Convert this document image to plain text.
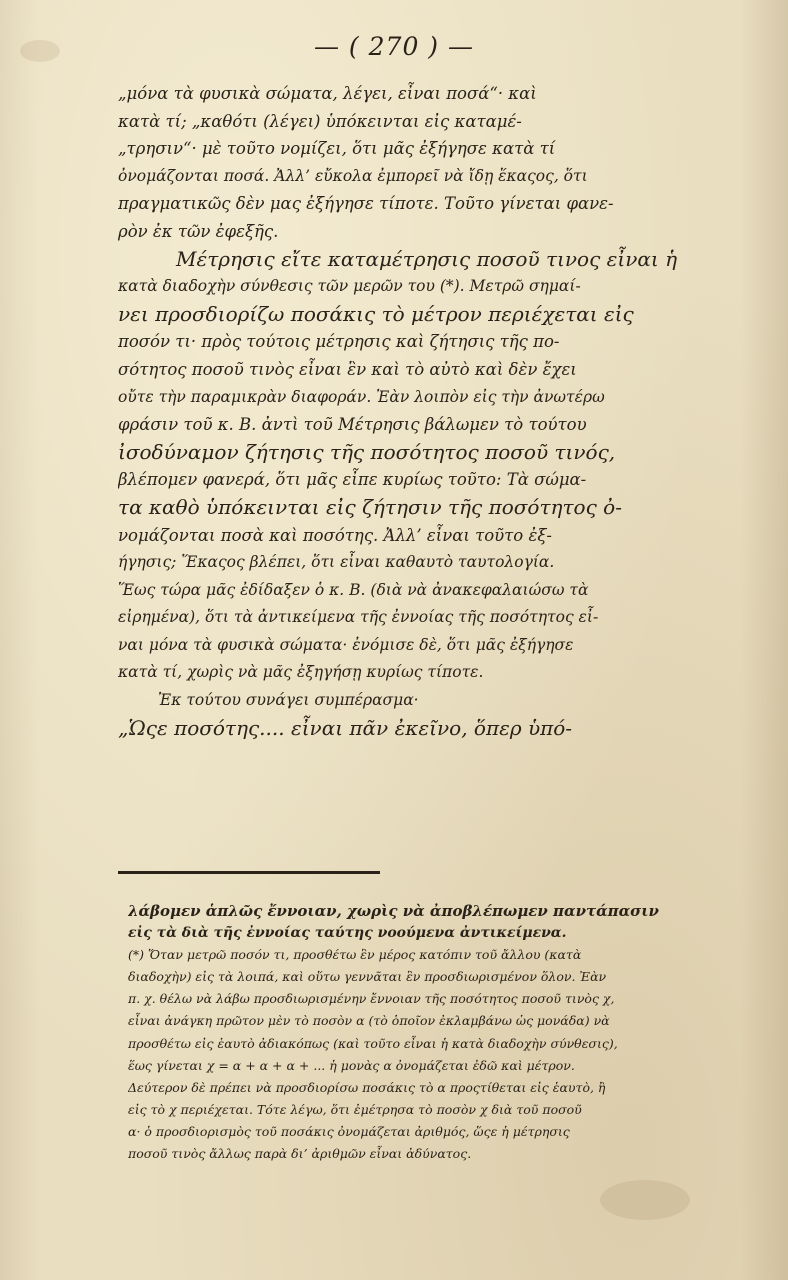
— ( 270 ) —
„μόνα τὰ φυσικὰ σώματα, λέγει, εἶναι ποσά“· καὶ
κατὰ τί; „καθότι (λέγει) ὑπόκεινται εἰς καταμέ-
„τρησιν“· μὲ τοῦτο νομίζει, ὅτι μᾶς ἐξήγησε κατὰ τί
ὀνομάζονται ποσά. Ἀλλ’ εὔκολα ἐμπορεῖ νὰ ἴδῃ ἕκαςος, ὅτι
πραγματικῶς δὲν μας ἐξήγησε τίποτε. Τοῦτο γίνεται φανε-
ρὸν ἐκ τῶν ἐφεξῆς.
Μέτρησις εἴτε καταμέτρησις ποσοῦ τινος εἶναι ἡ
κατὰ διαδοχὴν σύνθεσις τῶν μερῶν του (*). Μετρῶ σημαί-
νει προσδιορίζω ποσάκις τὸ μέτρον περιέχεται εἰς
ποσόν τι· πρὸς τούτοις μέτρησις καὶ ζήτησις τῆς πο-
σότητος ποσοῦ τινὸς εἶναι ἓν καὶ τὸ αὐτὸ καὶ δὲν ἔχει
οὔτε τὴν παραμικρὰν διαφοράν. Ἐὰν λοιπὸν εἰς τὴν ἀνωτέρω
φράσιν τοῦ κ. Β. ἀντὶ τοῦ Μέτρησις βάλωμεν τὸ τούτου
ἰσοδύναμον ζήτησις τῆς ποσότητος ποσοῦ τινός,
βλέπομεν φανερά, ὅτι μᾶς εἶπε κυρίως τοῦτο: Τὰ σώμα-
τα καθὸ ὑπόκεινται εἰς ζήτησιν τῆς ποσότητος ὀ-
νομάζονται ποσὰ καὶ ποσότης. Ἀλλ’ εἶναι τοῦτο ἐξ-
ήγησις; Ἕκαςος βλέπει, ὅτι εἶναι καθαυτὸ ταυτολογία.
Ἕως τώρα μᾶς ἐδίδαξεν ὁ κ. Β. (διὰ νὰ ἀνακεφαλαιώσω τὰ
εἰρημένα), ὅτι τὰ ἀντικείμενα τῆς ἐννοίας τῆς ποσότητος εἶ-
ναι μόνα τὰ φυσικὰ σώματα· ἐνόμισε δὲ, ὅτι μᾶς ἐξήγησε
κατὰ τί, χωρὶς νὰ μᾶς ἐξηγήσῃ κυρίως τίποτε.
Ἐκ τούτου συνάγει συμπέρασμα·
„Ὡςε ποσότης.... εἶναι πᾶν ἐκεῖνο, ὅπερ ὑπό-
λάβομεν ἁπλῶς ἔννοιαν, χωρὶς νὰ ἀποβλέπωμεν παντάπασιν
εἰς τὰ διὰ τῆς ἐννοίας ταύτης νοούμενα ἀντικείμενα.
(*) Ὅταν μετρῶ ποσόν τι, προσθέτω ἓν μέρος κατόπιν τοῦ ἄλλου (κατὰ
διαδοχὴν) εἰς τὰ λοιπά, καὶ οὕτω γεννᾶται ἓν προσδιωρισμένον ὅλον. Ἐὰν
π. χ. θέλω νὰ λάβω προσδιωρισμένην ἔννοιαν τῆς ποσότητος ποσοῦ τινὸς χ,
εἶναι ἀνάγκη πρῶτον μὲν τὸ ποσὸν α (τὸ ὁποῖον ἐκλαμβάνω ὡς μονάδα) νὰ
προσθέτω εἰς ἑαυτὸ ἀδιακόπως (καὶ τοῦτο εἶναι ἡ κατὰ διαδοχὴν σύνθεσις),
ἕως γίνεται χ = α + α + α + ... ἡ μονὰς α ὀνομάζεται ἐδῶ καὶ μέτρον.
Δεύτερον δὲ πρέπει νὰ προσδιορίσω ποσάκις τὸ α προςτίθεται εἰς ἑαυτὸ, ἢ
εἰς τὸ χ περιέχεται. Τότε λέγω, ὅτι ἐμέτρησα τὸ ποσὸν χ διὰ τοῦ ποσοῦ
α· ὁ προσδιορισμὸς τοῦ ποσάκις ὀνομάζεται ἀριθμός, ὥςε ἡ μέτρησις
ποσοῦ τινὸς ἄλλως παρὰ δι’ ἀριθμῶν εἶναι ἀδύνατος.
